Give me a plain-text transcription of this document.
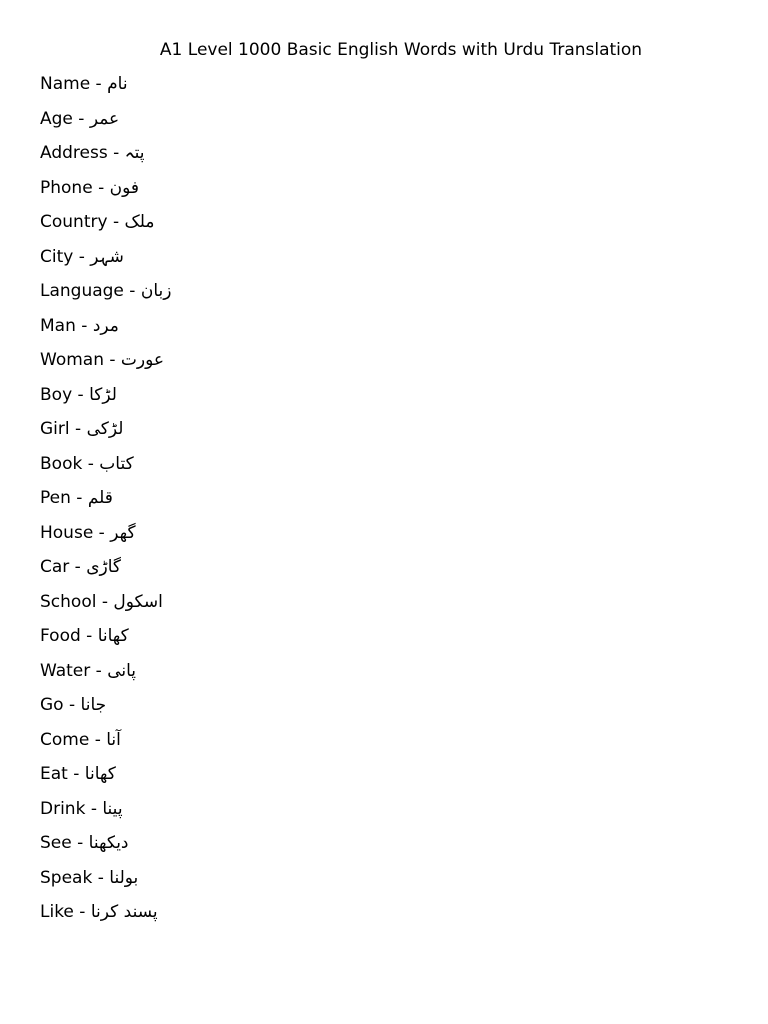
A1 Level 1000 Basic English Words with Urdu Translation
Name - نام
Age - عمر
Address - پتہ
Phone - فون
Country - ملک
City - شہر
Language - زبان
Man - مرد
Woman - عورت
Boy - لڑکا
Girl - لڑکی
Book - کتاب
Pen - قلم
House - گھر
Car - گاڑی
School - اسکول
Food - کھانا
Water - پانی
Go - جانا
Come - آنا
Eat - کھانا
Drink - پینا
See - دیکھنا
Speak - بولنا
Like - پسند کرنا
